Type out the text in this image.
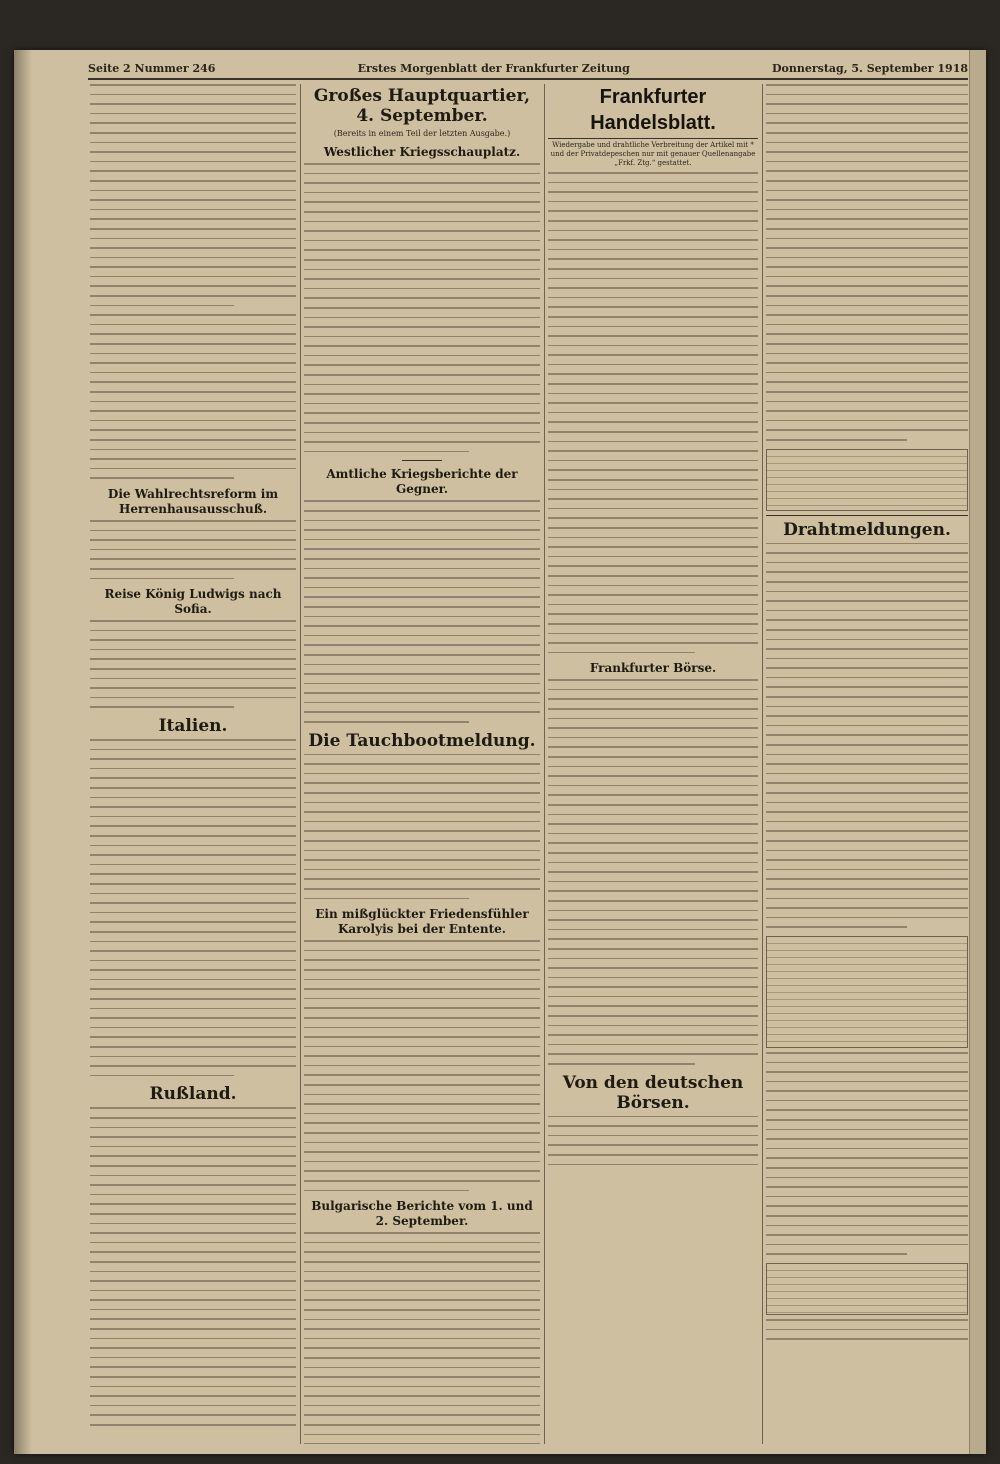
Seite 2 Nummer 246	Erstes Morgenblatt der Frankfurter Zeitung	Donnerstag, 5. September 1918
Die Wahlrechtsreform im Herrenhausausschuß.
Reise König Ludwigs nach Sofia.
Italien.
Rußland.
Großes Hauptquartier, 4. September.
(Bereits in einem Teil der letzten Ausgabe.)
Westlicher Kriegsschauplatz.
Amtliche Kriegsberichte der Gegner.
Die Tauchbootmeldung.
Ein mißglückter Friedensfühler Karolyis bei der Entente.
Bulgarische Berichte vom 1. und 2. September.
Frankfurter Handelsblatt.
Wiedergabe und drahtliche Verbreitung der Artikel mit * und der Privatdepeschen nur mit genauer Quellenangabe „Frkf. Ztg.“ gestattet.
Frankfurter Börse.
Von den deutschen Börsen.
Drahtmeldungen.
